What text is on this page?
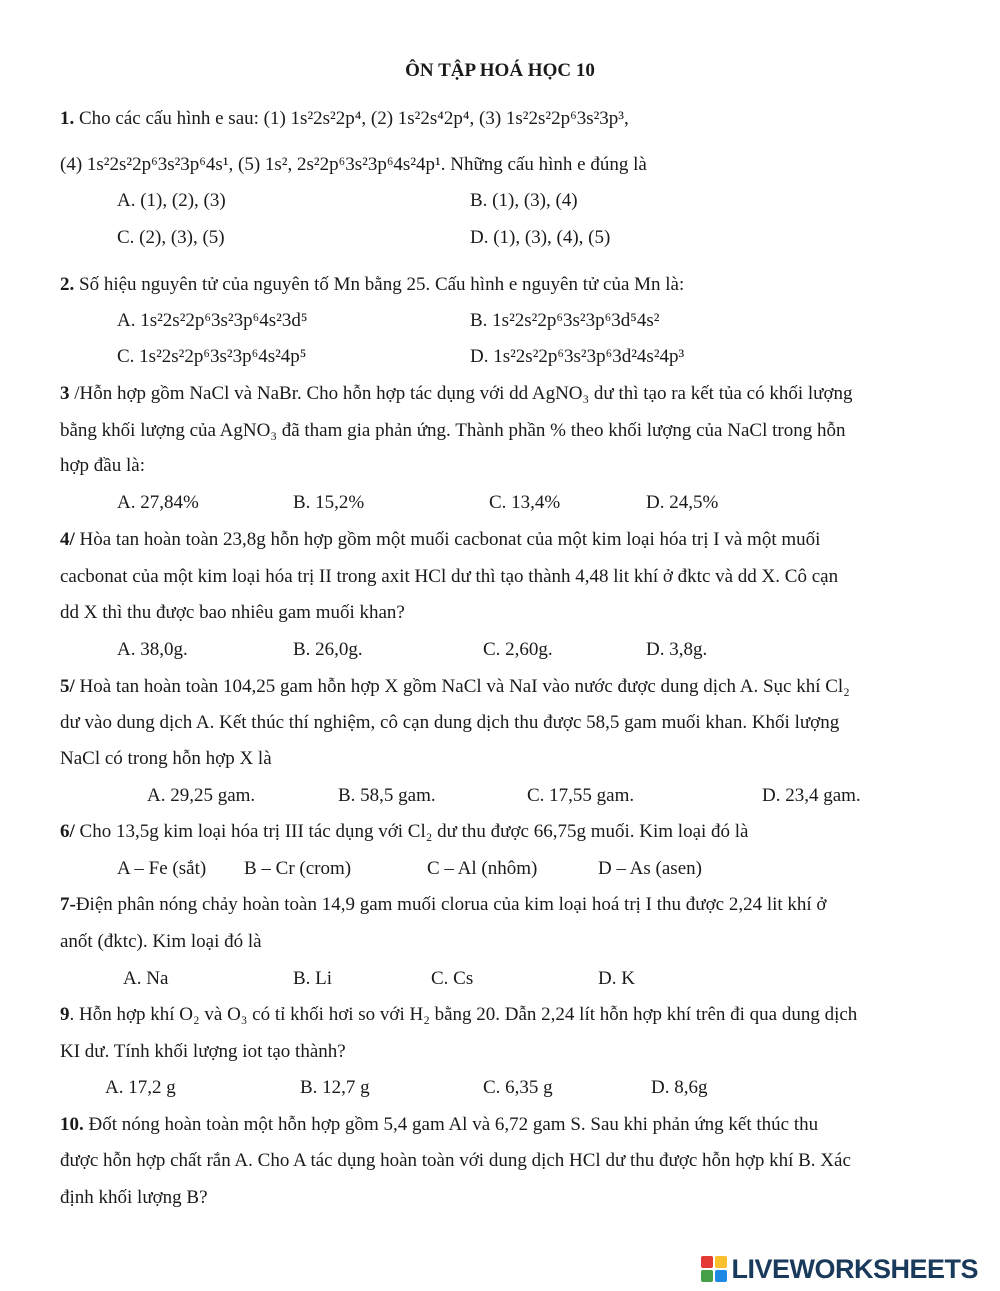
ÔN TẬP HOÁ HỌC 10
1. Cho các cấu hình e sau: (1) 1s²2s²2p⁴, (2) 1s²2s⁴2p⁴, (3) 1s²2s²2p⁶3s²3p³,
(4) 1s²2s²2p⁶3s²3p⁶4s¹, (5) 1s², 2s²2p⁶3s²3p⁶4s²4p¹. Những cấu hình e đúng là
A. (1), (2), (3)	B. (1), (3), (4)
C. (2), (3), (5)	D. (1), (3), (4), (5)
2. Số hiệu nguyên tử của nguyên tố Mn bằng 25. Cấu hình e nguyên tử của Mn là:
A. 1s²2s²2p⁶3s²3p⁶4s²3d⁵	B. 1s²2s²2p⁶3s²3p⁶3d⁵4s²
C. 1s²2s²2p⁶3s²3p⁶4s²4p⁵	D. 1s²2s²2p⁶3s²3p⁶3d²4s²4p³
3 /Hỗn hợp gồm NaCl và NaBr. Cho hỗn hợp tác dụng với dd AgNO₃ dư thì tạo ra kết tủa có khối lượng
bằng khối lượng của AgNO₃ đã tham gia phản ứng. Thành phần % theo khối lượng của NaCl trong hỗn
hợp đầu là:
A. 27,84%	B. 15,2%	C. 13,4%	D. 24,5%
4/ Hòa tan hoàn toàn 23,8g hỗn hợp gồm một muối cacbonat của một kim loại hóa trị I và một muối
cacbonat của một kim loại hóa trị II trong axit HCl dư thì tạo thành 4,48 lit khí ở đktc và dd X. Cô cạn
dd X thì thu được bao nhiêu gam muối khan?
A. 38,0g.	B. 26,0g.	C. 2,60g.	D. 3,8g.
5/ Hoà tan hoàn toàn 104,25 gam hỗn hợp X gồm NaCl và NaI vào nước được dung dịch A. Sục khí Cl₂
dư vào dung dịch A. Kết thúc thí nghiệm, cô cạn dung dịch thu được 58,5 gam muối khan. Khối lượng
NaCl có trong hỗn hợp X là
A. 29,25 gam.	B. 58,5 gam.	C. 17,55 gam.	D. 23,4 gam.
6/ Cho 13,5g kim loại hóa trị III tác dụng với Cl₂ dư thu được 66,75g muối. Kim loại đó là
A – Fe (sắt) B – Cr (crom)	C – Al (nhôm)	D – As (asen)
7-Điện phân nóng chảy hoàn toàn 14,9 gam muối clorua của kim loại hoá trị I thu được 2,24 lit khí ở
anốt (đktc). Kim loại đó là
A. Na	B. Li	C. Cs	D. K
9. Hỗn hợp khí O₂ và O₃ có tỉ khối hơi so với H₂ bằng 20. Dẫn 2,24 lít hỗn hợp khí trên đi qua dung dịch
KI dư. Tính khối lượng iot tạo thành?
A. 17,2 g	B. 12,7 g	C. 6,35 g	D. 8,6g
10. Đốt nóng hoàn toàn một hỗn hợp gồm 5,4 gam Al và 6,72 gam S. Sau khi phản ứng kết thúc thu
được hỗn hợp chất rắn A. Cho A tác dụng hoàn toàn với dung dịch HCl dư thu được hỗn hợp khí B. Xác
định khối lượng B?
LIVEWORKSHEETS
